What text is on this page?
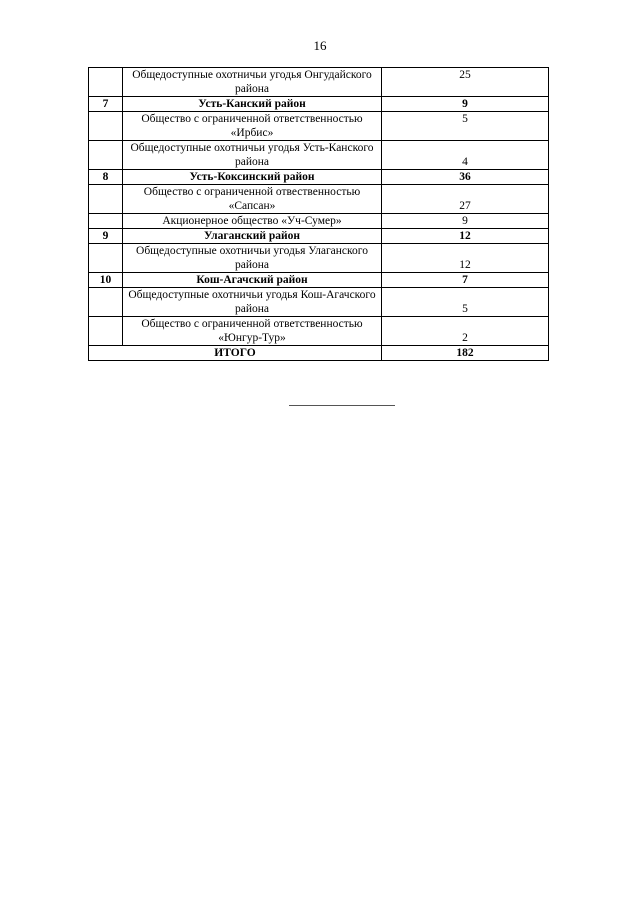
16
	Общедоступные охотничьи угодья Онгудайского района	25
7	Усть-Канский район	9
	Общество с ограниченной ответственностью «Ирбис»	5
	Общедоступные охотничьи угодья Усть-Канского района	4
8	Усть-Коксинский район	36
	Общество с ограниченной отвественностью «Сапсан»	27
	Акционерное общество «Уч-Сумер»	9
9	Улаганский район	12
	Общедоступные охотничьи угодья Улаганского района	12
10	Кош-Агачский район	7
	Общедоступные охотничьи угодья Кош-Агачского района	5
	Общество с ограниченной ответственностью «Юнгур-Тур»	2
ИТОГО		182
